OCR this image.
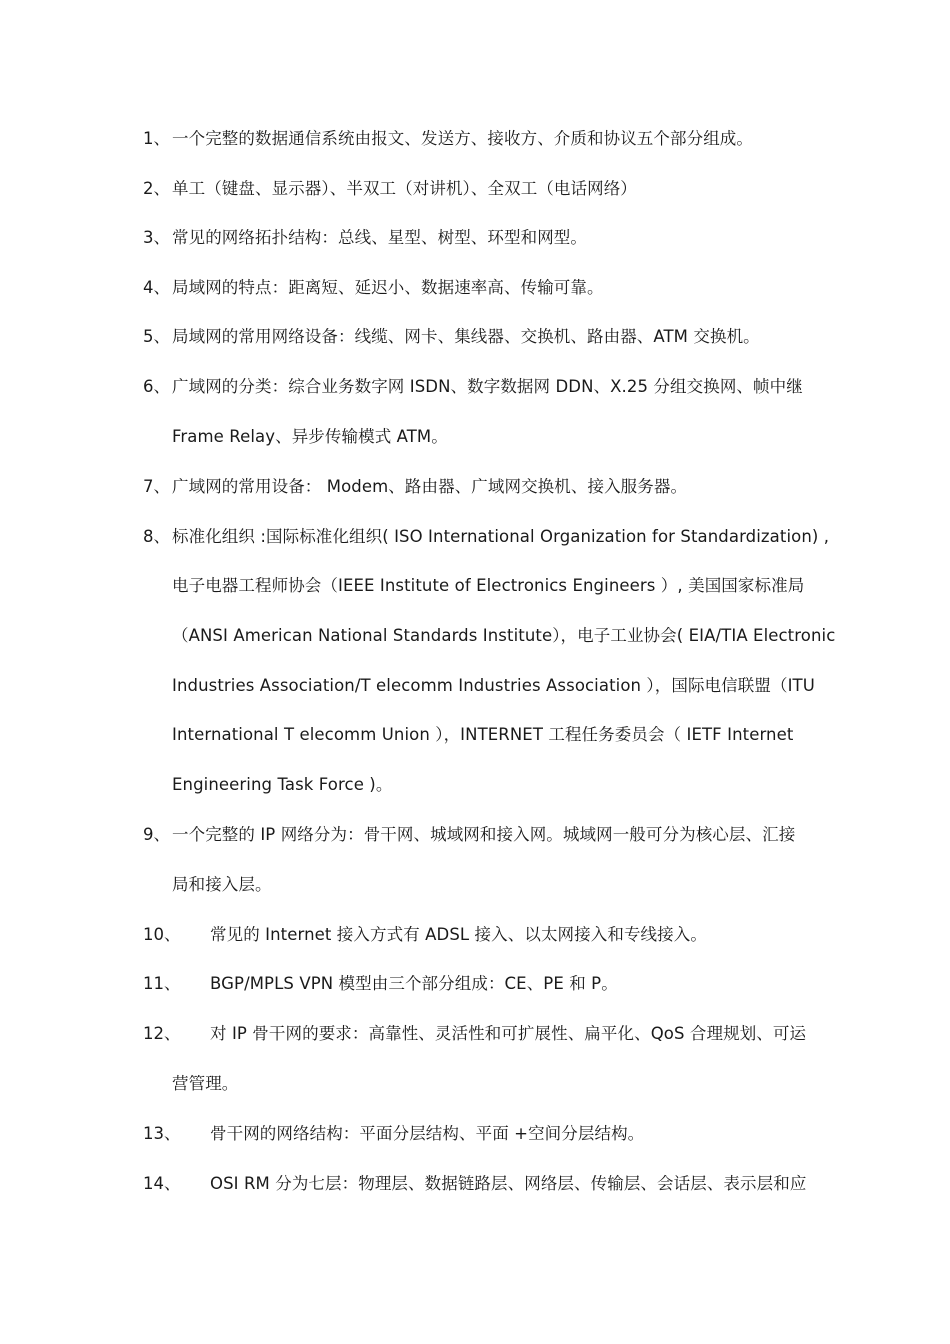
1、 一个完整的数据通信系统由报文、发送方、接收方、介质和协议五个部分组成。
2、 单工（键盘、显示器）、半双工（对讲机）、全双工（电话网络）
3、 常见的网络拓扑结构：总线、星型、树型、环型和网型。
4、 局域网的特点：距离短、延迟小、数据速率高、传输可靠。
5、 局域网的常用网络设备：线缆、网卡、集线器、交换机、路由器、ATM 交换机。
6、 广域网的分类：综合业务数字网 ISDN、数字数据网 DDN、X.25 分组交换网、帧中继
Frame Relay、异步传输模式 ATM。
7、 广域网的常用设备： Modem、路由器、广域网交换机、接入服务器。
8、 标准化组织 :国际标准化组织( ISO International Organization for Standardization) ,
电子电器工程师协会（IEEE Institute of Electronics Engineers ）, 美国国家标准局
（ANSI American National Standards Institute），电子工业协会( EIA/TIA Electronic
Industries Association/T elecomm Industries Association ），国际电信联盟（ITU
International T elecomm Union ），INTERNET 工程任务委员会（ IETF Internet
Engineering Task Force )。
9、 一个完整的 IP 网络分为：骨干网、城域网和接入网。城域网一般可分为核心层、汇接
局和接入层。
10、 常见的 Internet 接入方式有 ADSL 接入、以太网接入和专线接入。
11、 BGP/MPLS VPN 模型由三个部分组成：CE、PE 和 P。
12、 对 IP 骨干网的要求：高靠性、灵活性和可扩展性、扁平化、QoS 合理规划、可运
营管理。
13、 骨干网的网络结构：平面分层结构、平面 +空间分层结构。
14、 OSI RM 分为七层：物理层、数据链路层、网络层、传输层、会话层、表示层和应
